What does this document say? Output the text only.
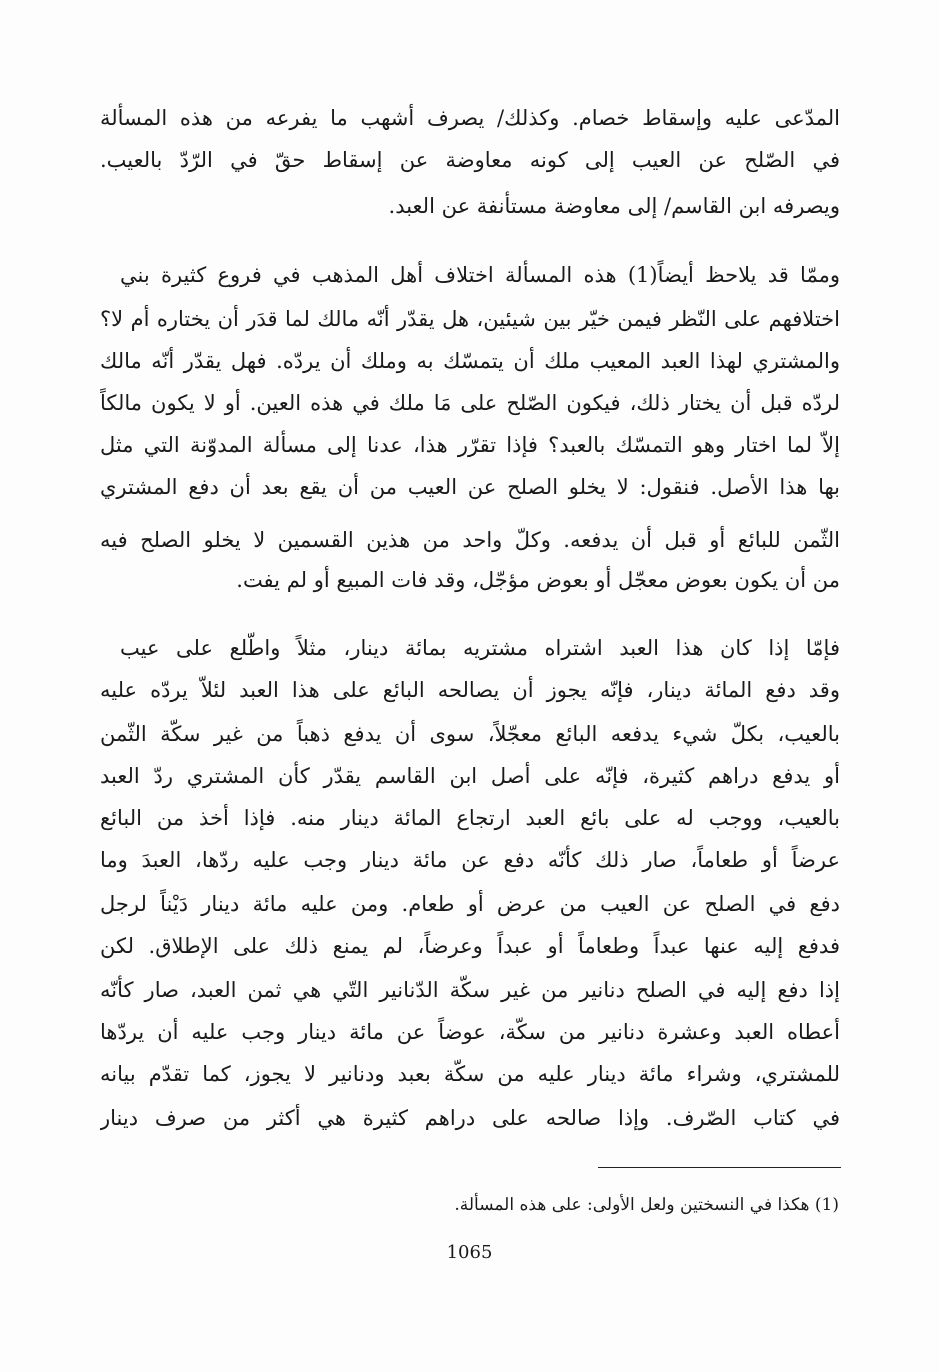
المدّعى عليه وإسقاط خصام. وكذلك/ يصرف أشهب ما يفرعه من هذه المسألة
في الصّلح عن العيب إلى كونه معاوضة عن إسقاط حقّ في الرّدّ بالعيب.
ويصرفه ابن القاسم/ إلى معاوضة مستأنفة عن العبد.
وممّا قد يلاحظ أيضاً(1) هذه المسألة اختلاف أهل المذهب في فروع كثيرة بني
اختلافهم على النّظر فيمن خيّر بين شيئين، هل يقدّر أنّه مالك لما قدَر أن يختاره أم لا؟
والمشتري لهذا العبد المعيب ملك أن يتمسّك به وملك أن يردّه. فهل يقدّر أنّه مالك
لردّه قبل أن يختار ذلك، فيكون الصّلح على مَا ملك في هذه العين. أو لا يكون مالكاً
إلاّ لما اختار وهو التمسّك بالعبد؟ فإذا تقرّر هذا، عدنا إلى مسألة المدوّنة التي مثل
بها هذا الأصل. فنقول: لا يخلو الصلح عن العيب من أن يقع بعد أن دفع المشتري
الثّمن للبائع أو قبل أن يدفعه. وكلّ واحد من هذين القسمين لا يخلو الصلح فيه
من أن يكون بعوض معجّل أو بعوض مؤجّل، وقد فات المبيع أو لم يفت.
فإمّا إذا كان هذا العبد اشتراه مشتريه بمائة دينار، مثلاً واطّلع على عيب
وقد دفع المائة دينار، فإنّه يجوز أن يصالحه البائع على هذا العبد لئلاّ يردّه عليه
بالعيب، بكلّ شيء يدفعه البائع معجّلاً، سوى أن يدفع ذهباً من غير سكّة الثّمن
أو يدفع دراهم كثيرة، فإنّه على أصل ابن القاسم يقدّر كأن المشتري ردّ العبد
بالعيب، ووجب له على بائع العبد ارتجاع المائة دينار منه. فإذا أخذ من البائع
عرضاً أو طعاماً، صار ذلك كأنّه دفع عن مائة دينار وجب عليه ردّها، العبدَ وما
دفع في الصلح عن العيب من عرض أو طعام. ومن عليه مائة دينار دَيْناً لرجل
فدفع إليه عنها عبداً وطعاماً أو عبداً وعرضاً، لم يمنع ذلك على الإطلاق. لكن
إذا دفع إليه في الصلح دنانير من غير سكّة الدّنانير التّي هي ثمن العبد، صار كأنّه
أعطاه العبد وعشرة دنانير من سكّة، عوضاً عن مائة دينار وجب عليه أن يردّها
للمشتري، وشراء مائة دينار عليه من سكّة بعبد ودنانير لا يجوز، كما تقدّم بيانه
في كتاب الصّرف. وإذا صالحه على دراهم كثيرة هي أكثر من صرف دينار
(1) هكذا في النسختين ولعل الأولى: على هذه المسألة.
1065
